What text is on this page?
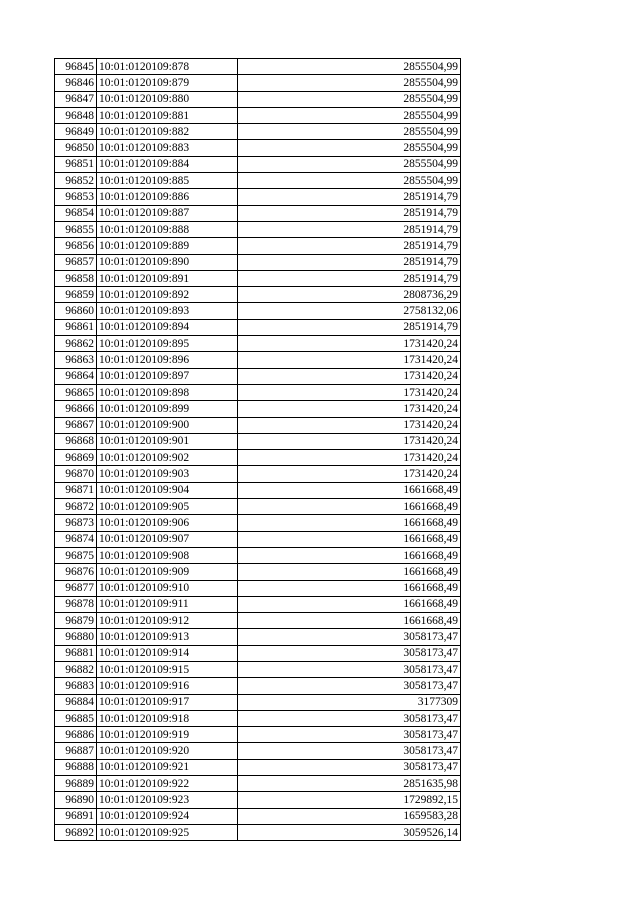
96845	10:01:0120109:878	2855504,99
96846	10:01:0120109:879	2855504,99
96847	10:01:0120109:880	2855504,99
96848	10:01:0120109:881	2855504,99
96849	10:01:0120109:882	2855504,99
96850	10:01:0120109:883	2855504,99
96851	10:01:0120109:884	2855504,99
96852	10:01:0120109:885	2855504,99
96853	10:01:0120109:886	2851914,79
96854	10:01:0120109:887	2851914,79
96855	10:01:0120109:888	2851914,79
96856	10:01:0120109:889	2851914,79
96857	10:01:0120109:890	2851914,79
96858	10:01:0120109:891	2851914,79
96859	10:01:0120109:892	2808736,29
96860	10:01:0120109:893	2758132,06
96861	10:01:0120109:894	2851914,79
96862	10:01:0120109:895	1731420,24
96863	10:01:0120109:896	1731420,24
96864	10:01:0120109:897	1731420,24
96865	10:01:0120109:898	1731420,24
96866	10:01:0120109:899	1731420,24
96867	10:01:0120109:900	1731420,24
96868	10:01:0120109:901	1731420,24
96869	10:01:0120109:902	1731420,24
96870	10:01:0120109:903	1731420,24
96871	10:01:0120109:904	1661668,49
96872	10:01:0120109:905	1661668,49
96873	10:01:0120109:906	1661668,49
96874	10:01:0120109:907	1661668,49
96875	10:01:0120109:908	1661668,49
96876	10:01:0120109:909	1661668,49
96877	10:01:0120109:910	1661668,49
96878	10:01:0120109:911	1661668,49
96879	10:01:0120109:912	1661668,49
96880	10:01:0120109:913	3058173,47
96881	10:01:0120109:914	3058173,47
96882	10:01:0120109:915	3058173,47
96883	10:01:0120109:916	3058173,47
96884	10:01:0120109:917	3177309
96885	10:01:0120109:918	3058173,47
96886	10:01:0120109:919	3058173,47
96887	10:01:0120109:920	3058173,47
96888	10:01:0120109:921	3058173,47
96889	10:01:0120109:922	2851635,98
96890	10:01:0120109:923	1729892,15
96891	10:01:0120109:924	1659583,28
96892	10:01:0120109:925	3059526,14
